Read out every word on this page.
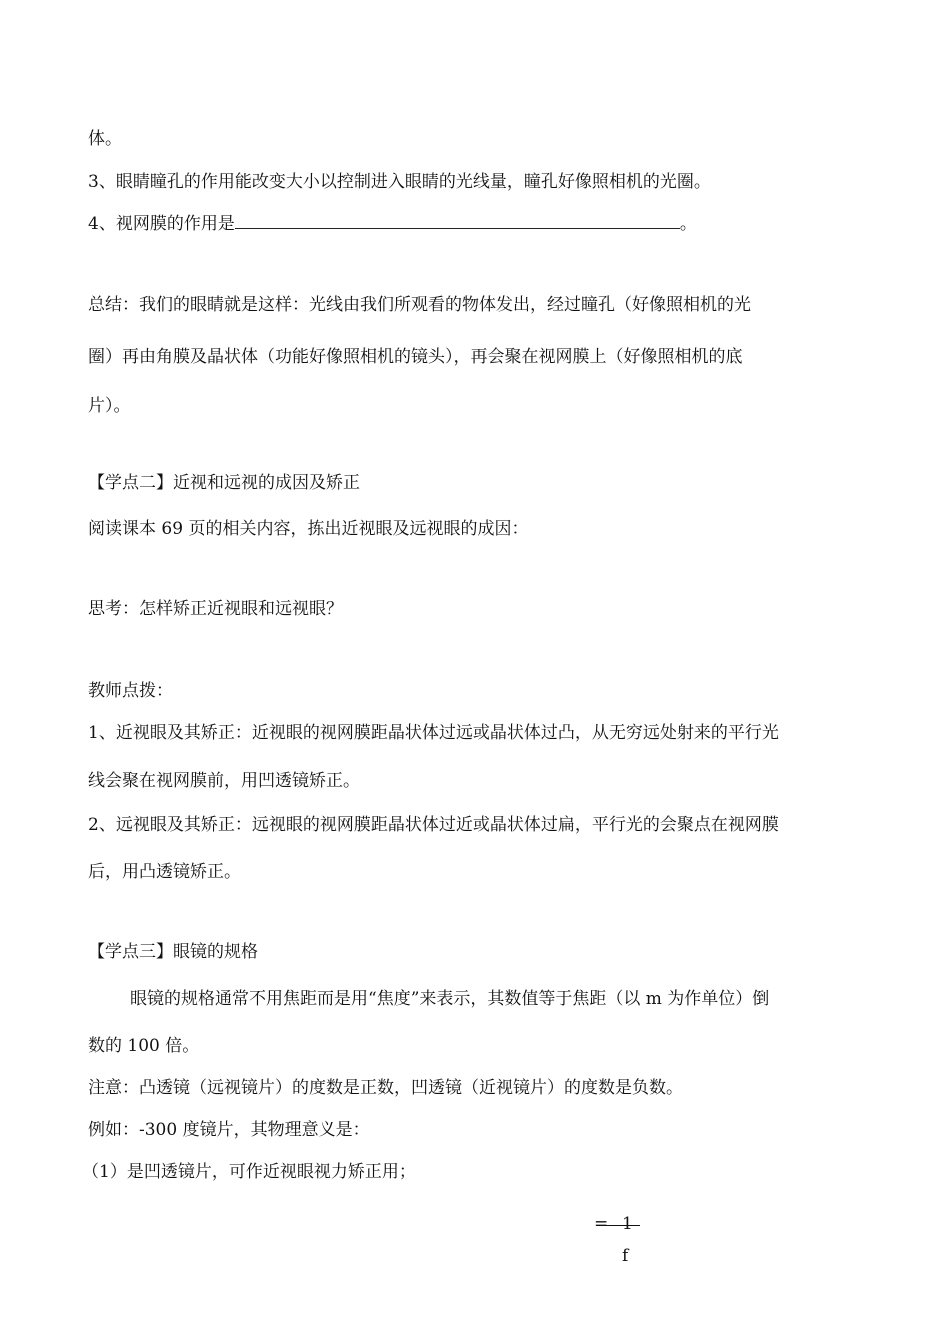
体。
3、眼睛瞳孔的作用能改变大小以控制进入眼睛的光线量，瞳孔好像照相机的光圈。
4、视网膜的作用是	。
总结：我们的眼睛就是这样：光线由我们所观看的物体发出，经过瞳孔（好像照相机的光
圈）再由角膜及晶状体（功能好像照相机的镜头），再会聚在视网膜上（好像照相机的底
片）。
【学点二】近视和远视的成因及矫正
阅读课本 69 页的相关内容，拣出近视眼及远视眼的成因：
思考：怎样矫正近视眼和远视眼？
教师点拨：
1、近视眼及其矫正：近视眼的视网膜距晶状体过远或晶状体过凸，从无穷远处射来的平行光
线会聚在视网膜前，用凹透镜矫正。
2、远视眼及其矫正：远视眼的视网膜距晶状体过近或晶状体过扁，平行光的会聚点在视网膜
后，用凸透镜矫正。
【学点三】眼镜的规格
眼镜的规格通常不用焦距而是用“焦度”来表示，其数值等于焦距（以 m 为作单位）倒
数的 100 倍。
注意：凸透镜（远视镜片）的度数是正数，凹透镜（近视镜片）的度数是负数。
例如：-300 度镜片，其物理意义是：
（1）是凹透镜片，可作近视眼视力矫正用；
= 1
f
